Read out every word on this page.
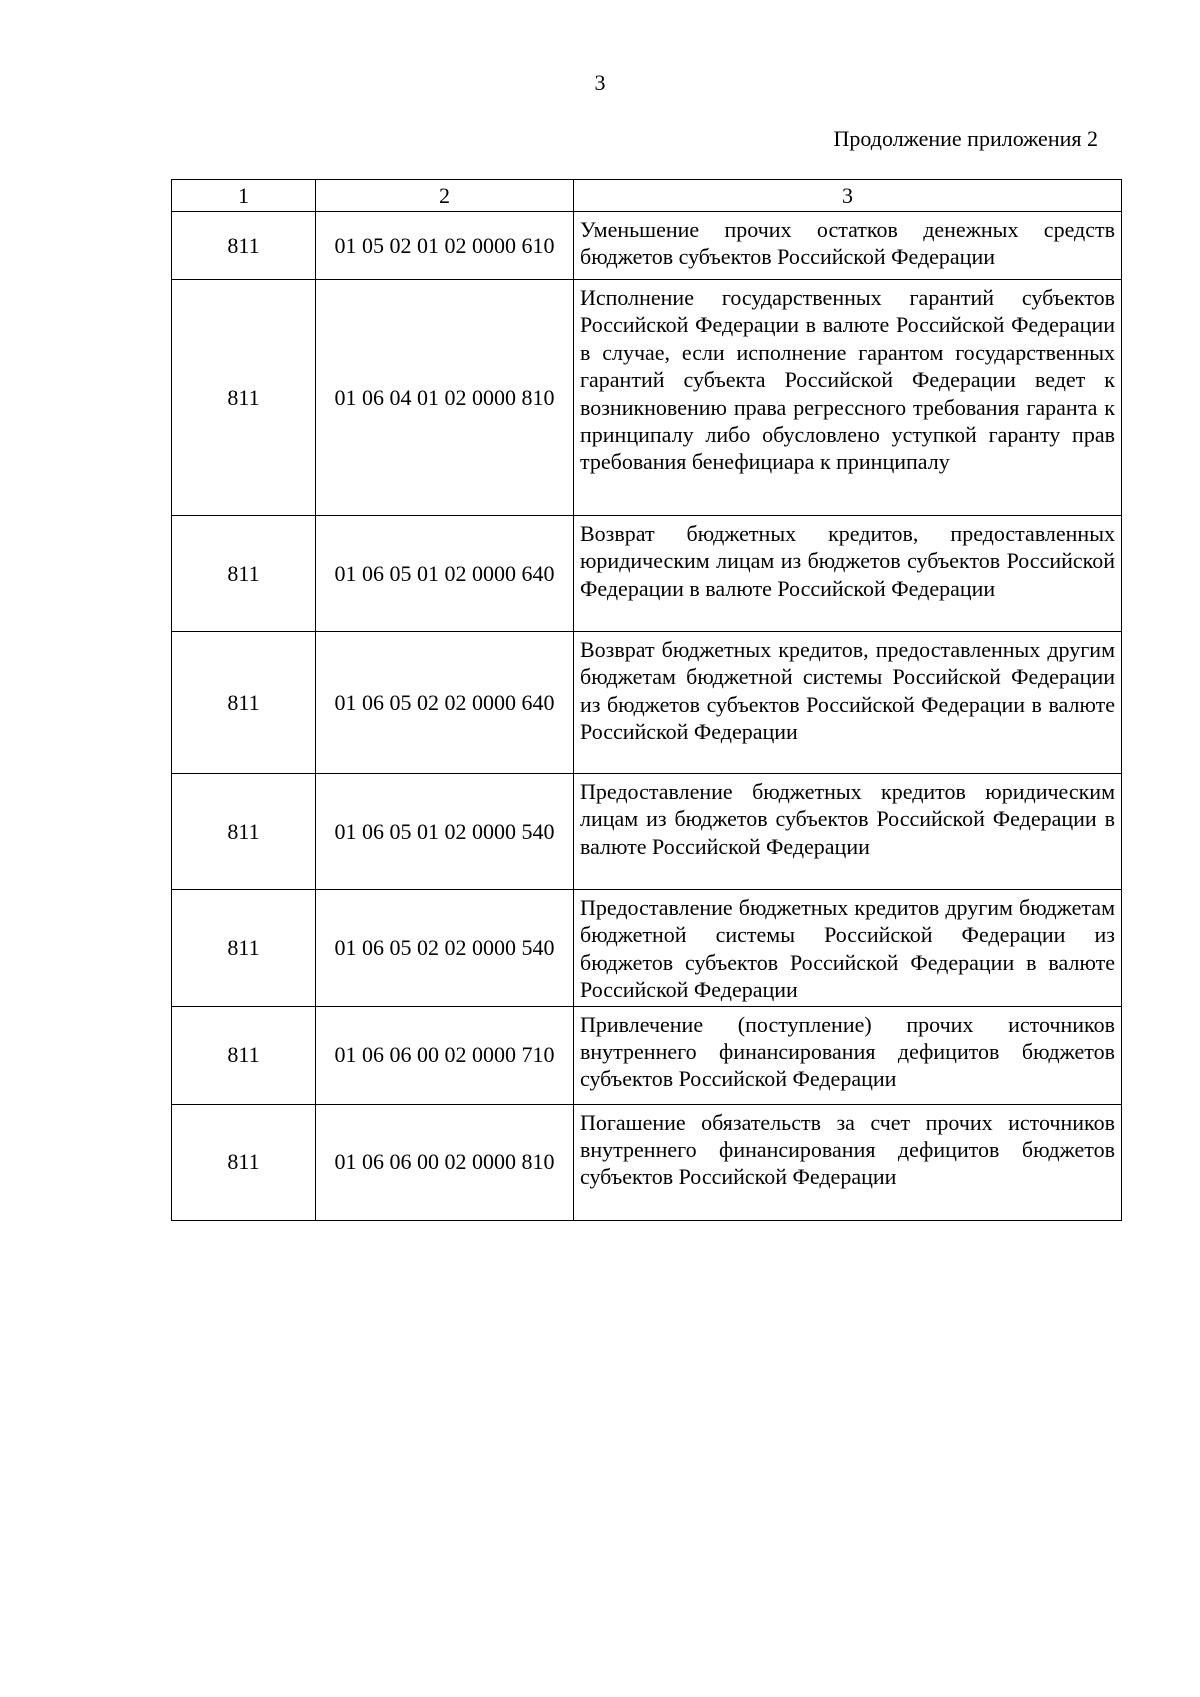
3
Продолжение приложения 2
1	2	3
811	01 05 02 01 02 0000 610	Уменьшение прочих остатков денежных средств бюджетов субъектов Российской Федерации
811	01 06 04 01 02 0000 810	Исполнение государственных гарантий субъектов Российской Федерации в валюте Российской Федерации в случае, если исполнение гарантом государственных гарантий субъекта Российской Федерации ведет к возникновению права регрессного требования гаранта к принципалу либо обусловлено уступкой гаранту прав требования бенефициара к принципалу
811	01 06 05 01 02 0000 640	Возврат бюджетных кредитов, предоставленных юридическим лицам из бюджетов субъектов Российской Федерации в валюте Российской Федерации
811	01 06 05 02 02 0000 640	Возврат бюджетных кредитов, предоставленных другим бюджетам бюджетной системы Российской Федерации из бюджетов субъектов Российской Федерации в валюте Российской Федерации
811	01 06 05 01 02 0000 540	Предоставление бюджетных кредитов юридическим лицам из бюджетов субъектов Российской Федерации в валюте Российской Федерации
811	01 06 05 02 02 0000 540	Предоставление бюджетных кредитов другим бюджетам бюджетной системы Российской Федерации из бюджетов субъектов Российской Федерации в валюте Российской Федерации
811	01 06 06 00 02 0000 710	Привлечение (поступление) прочих источников внутреннего финансирования дефицитов бюджетов субъектов Российской Федерации
811	01 06 06 00 02 0000 810	Погашение обязательств за счет прочих источников внутреннего финансирования дефицитов бюджетов субъектов Российской Федерации
